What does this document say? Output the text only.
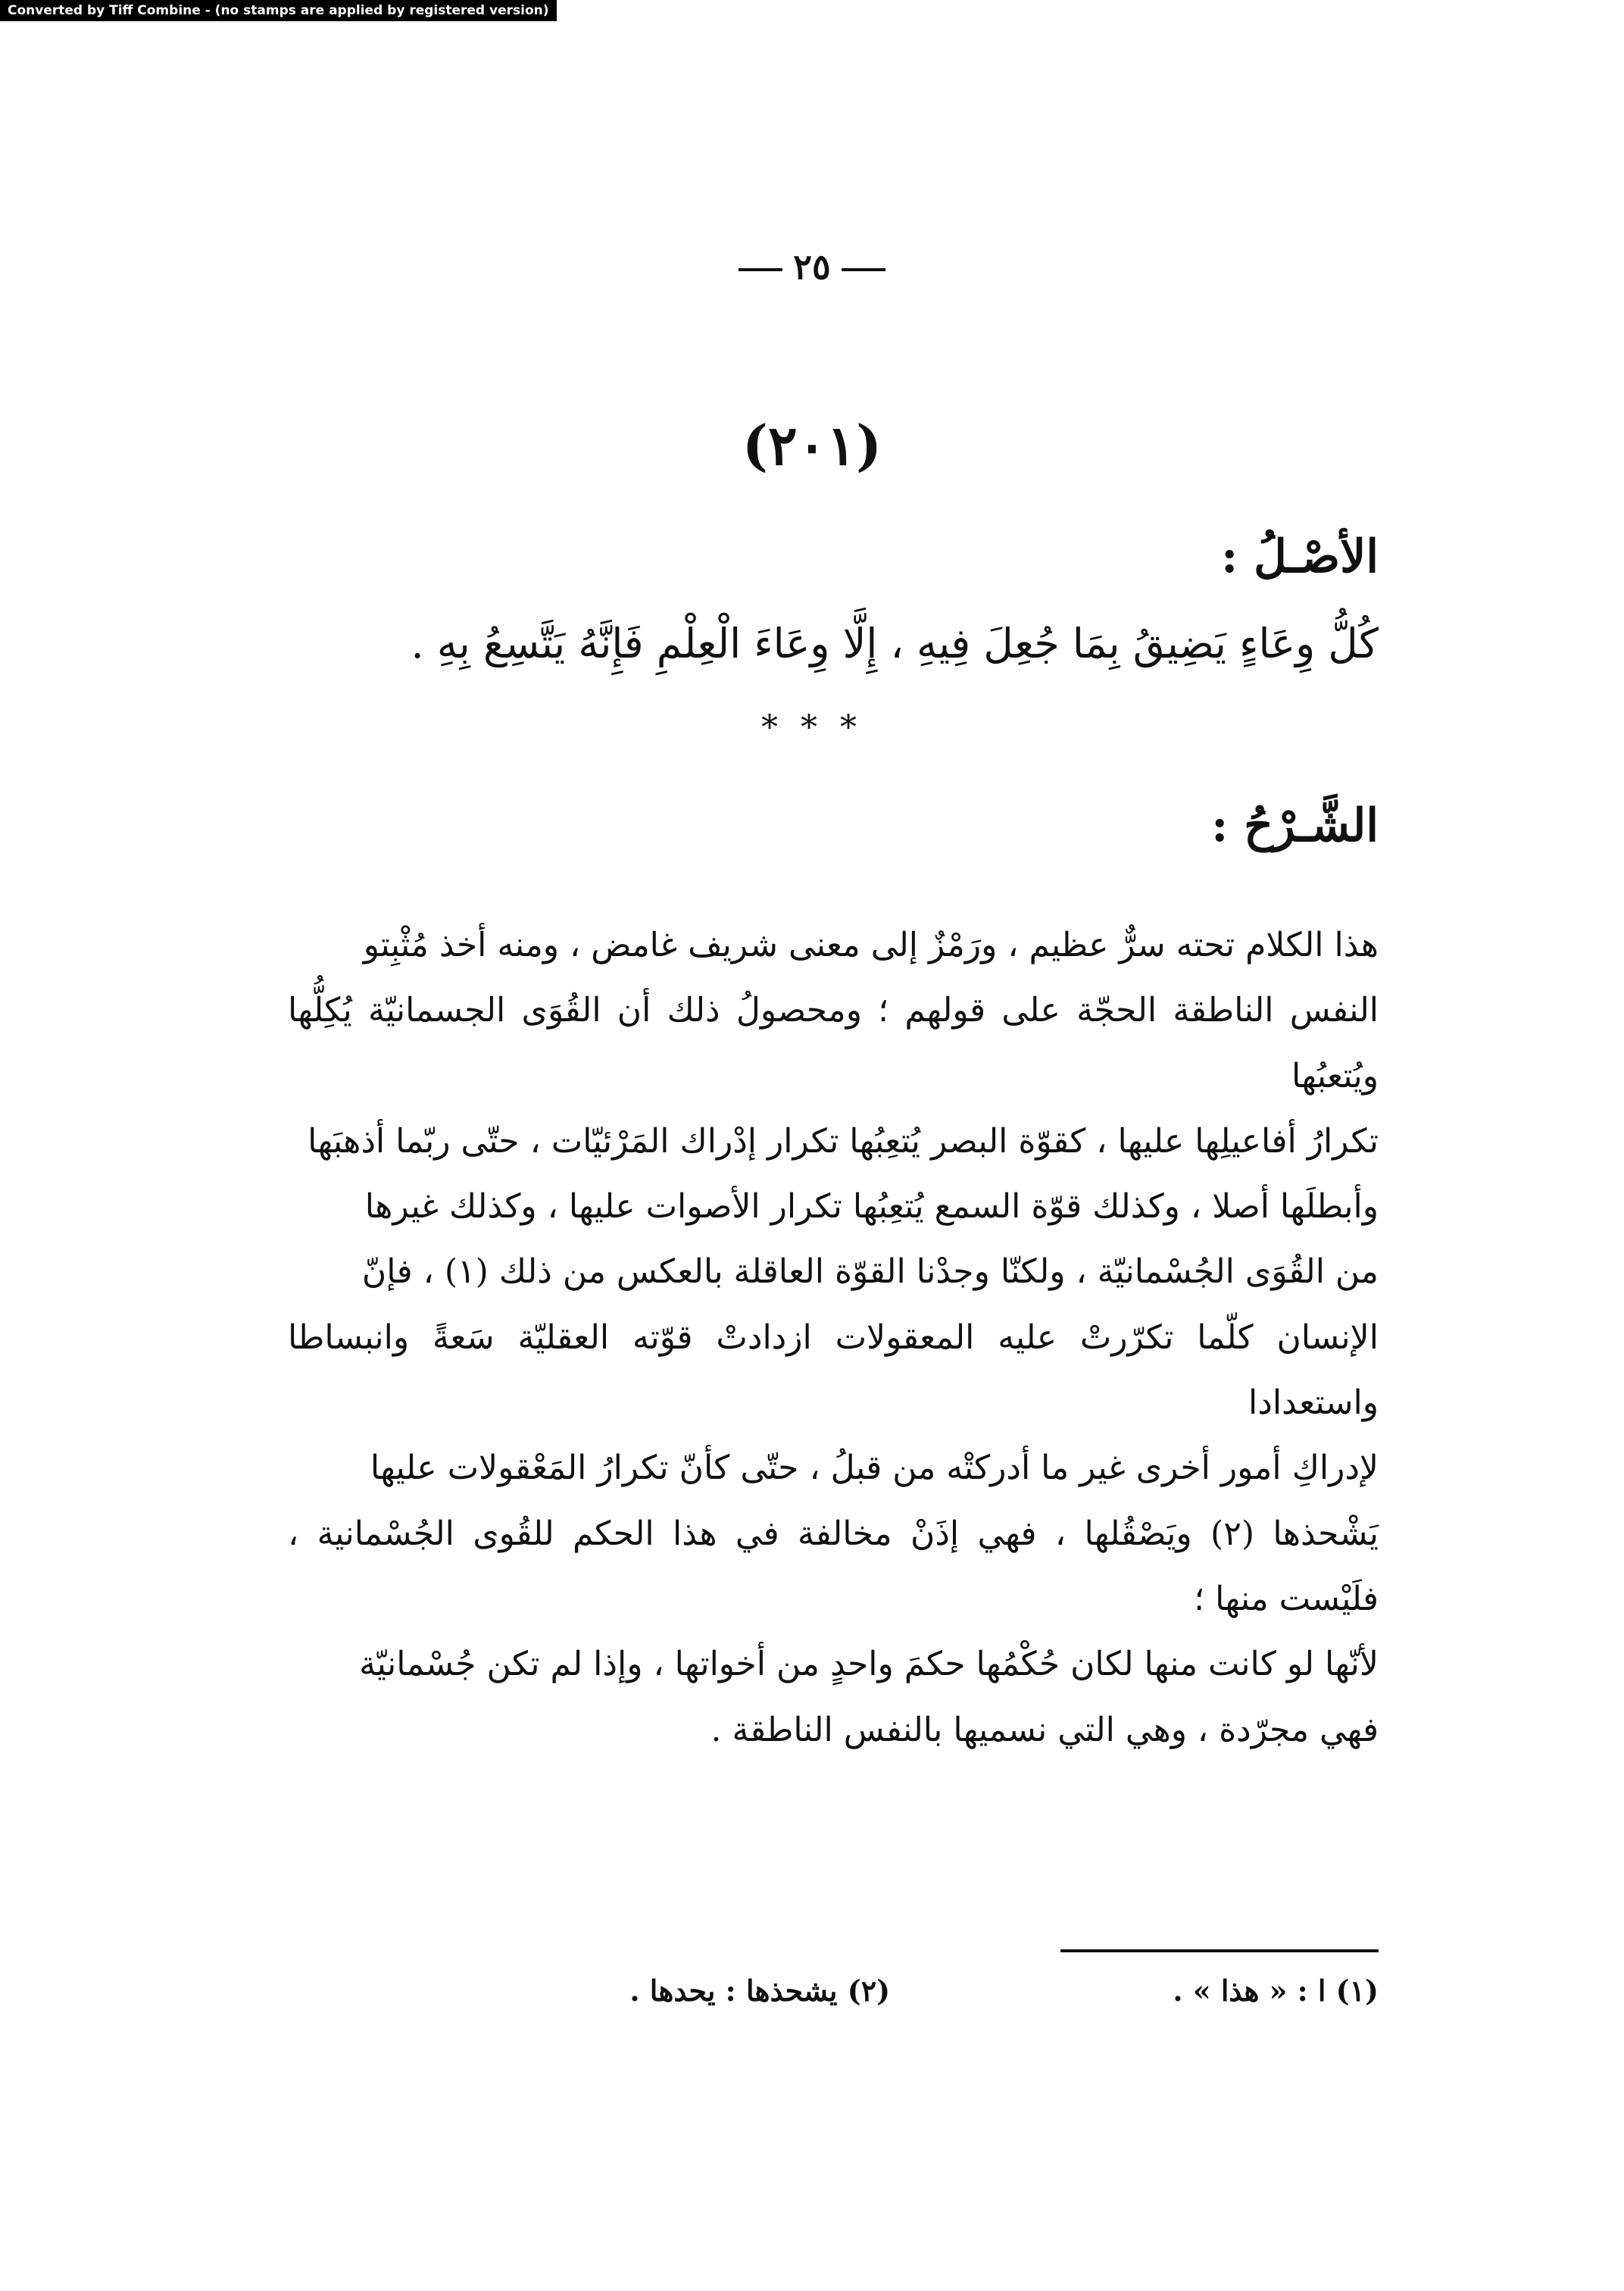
Converted by Tiff Combine - (no stamps are applied by registered version)
٢٥
(٢٠١)
الأصْـلُ :
كُلُّ وِعَاءٍ يَضِيقُ بِمَا جُعِلَ فِيهِ ، إِلَّا وِعَاءَ الْعِلْمِ فَإِنَّهُ يَتَّسِعُ بِهِ .
* * *
الشَّـرْحُ :
هذا الكلام تحته سرٌّ عظيم ، ورَمْزٌ إلى معنى شريف غامض ، ومنه أخذ مُثْبِتو
النفس الناطقة الحجّة على قولهم ؛ ومحصولُ ذلك أن القُوَى الجسمانيّة يُكِلُّها ويُتعبُها
تكرارُ أفاعيلِها عليها ، كقوّة البصر يُتعِبُها تكرار إدْراك المَرْئيّات ، حتّى ربّما أذهبَها
وأبطلَها أصلا ، وكذلك قوّة السمع يُتعِبُها تكرار الأصوات عليها ، وكذلك غيرها
من القُوَى الجُسْمانيّة ، ولكنّا وجدْنا القوّة العاقلة بالعكس من ذلك (١) ، فإنّ
الإنسان كلّما تكرّرتْ عليه المعقولات ازدادتْ قوّته العقليّة سَعةً وانبساطا واستعدادا
لإدراكِ أمور أخرى غير ما أدركتْه من قبلُ ، حتّى كأنّ تكرارُ المَعْقولات عليها
يَشْحذها (٢) ويَصْقُلها ، فهي إذَنْ مخالفة في هذا الحكم للقُوى الجُسْمانية ، فلَيْست منها ؛
لأنّها لو كانت منها لكان حُكْمُها حكمَ واحدٍ من أخواتها ، وإذا لم تكن جُسْمانيّة
فهي مجرّدة ، وهي التي نسميها بالنفس الناطقة .
(١) ا : « هذا » . (٢) يشحذها : يحدها .
